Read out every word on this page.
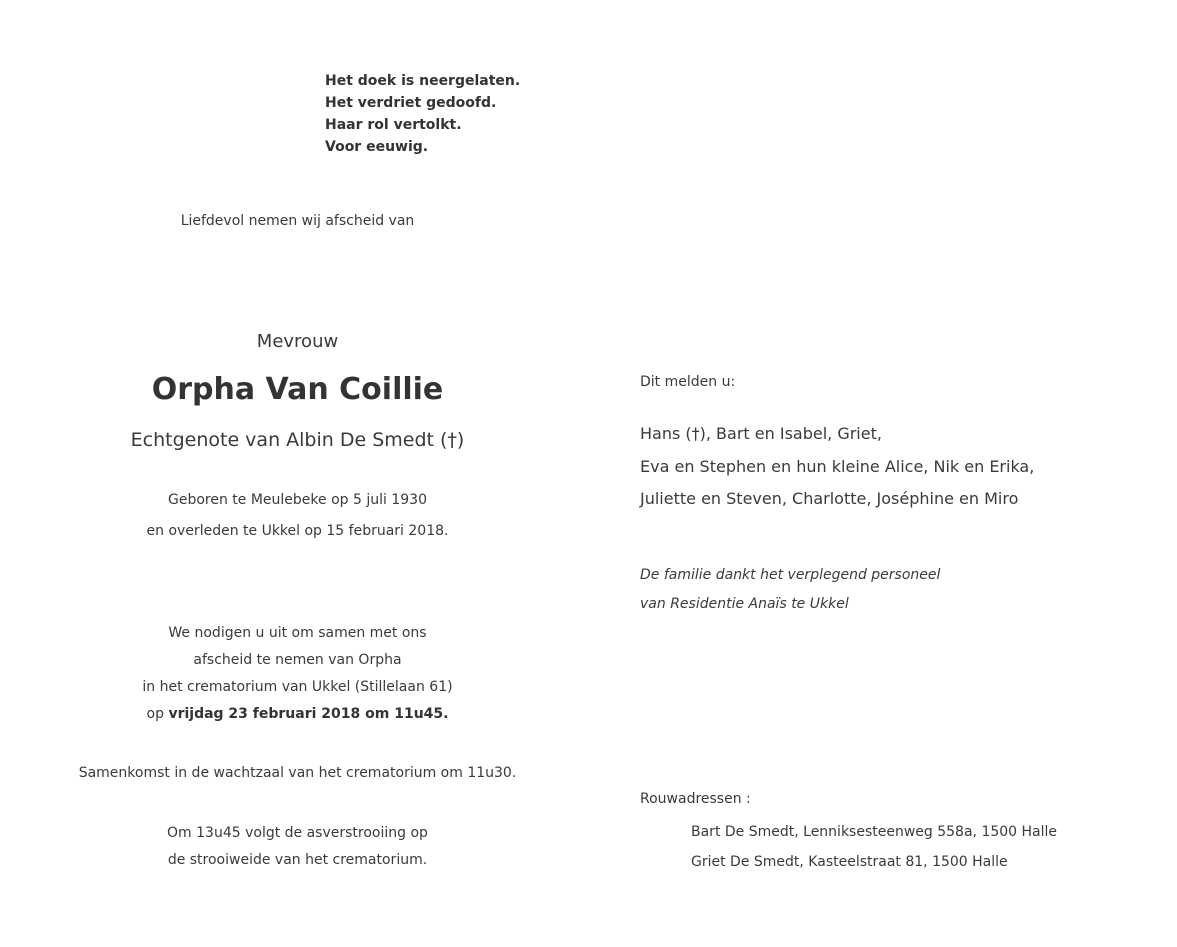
Het doek is neergelaten.
Het verdriet gedoofd.
Haar rol vertolkt.
Voor eeuwig.
Liefdevol nemen wij afscheid van
Mevrouw
Orpha Van Coillie
Echtgenote van Albin De Smedt (†)
Geboren te Meulebeke op 5 juli 1930
en overleden te Ukkel op 15 februari 2018.
We nodigen u uit om samen met ons
afscheid te nemen van Orpha
in het crematorium van Ukkel (Stillelaan 61)
op vrijdag 23 februari 2018 om 11u45.
Samenkomst in de wachtzaal van het crematorium om 11u30.
Om 13u45 volgt de asverstrooiing op
de strooiweide van het crematorium.
Dit melden u:
Hans (†), Bart en Isabel, Griet,
Eva en Stephen en hun kleine Alice, Nik en Erika,
Juliette en Steven, Charlotte, Joséphine en Miro
De familie dankt het verplegend personeel
van Residentie Anaïs te Ukkel
Rouwadressen :
Bart De Smedt, Lenniksesteenweg 558a, 1500 Halle
Griet De Smedt, Kasteelstraat 81, 1500 Halle
